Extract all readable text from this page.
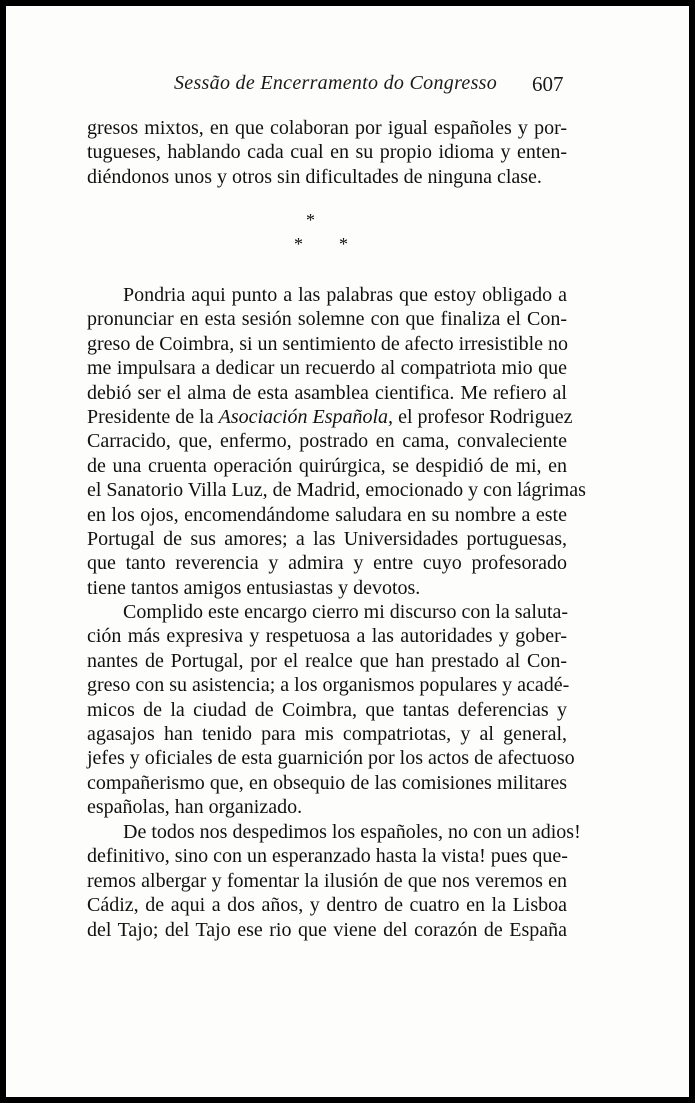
Sessão de Encerramento do Congresso 607
gresos mixtos, en que colaboran por igual españoles y por-
tugueses, hablando cada cual en su propio idioma y enten-
diéndonos unos y otros sin dificultades de ninguna clase.
*
* *
Pondria aqui punto a las palabras que estoy obligado a
pronunciar en esta sesión solemne con que finaliza el Con-
greso de Coimbra, si un sentimiento de afecto irresistible no
me impulsara a dedicar un recuerdo al compatriota mio que
debió ser el alma de esta asamblea cientifica. Me refiero al
Presidente de la Asociación Española, el profesor Rodriguez
Carracido, que, enfermo, postrado en cama, convaleciente
de una cruenta operación quirúrgica, se despidió de mi, en
el Sanatorio Villa Luz, de Madrid, emocionado y con lágrimas
en los ojos, encomendándome saludara en su nombre a este
Portugal de sus amores; a las Universidades portuguesas,
que tanto reverencia y admira y entre cuyo profesorado
tiene tantos amigos entusiastas y devotos.
Complido este encargo cierro mi discurso con la saluta-
ción más expresiva y respetuosa a las autoridades y gober-
nantes de Portugal, por el realce que han prestado al Con-
greso con su asistencia; a los organismos populares y acadé-
micos de la ciudad de Coimbra, que tantas deferencias y
agasajos han tenido para mis compatriotas, y al general,
jefes y oficiales de esta guarnición por los actos de afectuoso
compañerismo que, en obsequio de las comisiones militares
españolas, han organizado.
De todos nos despedimos los españoles, no con un adios!
definitivo, sino con un esperanzado hasta la vista! pues que-
remos albergar y fomentar la ilusión de que nos veremos en
Cádiz, de aqui a dos años, y dentro de cuatro en la Lisboa
del Tajo; del Tajo ese rio que viene del corazón de España
